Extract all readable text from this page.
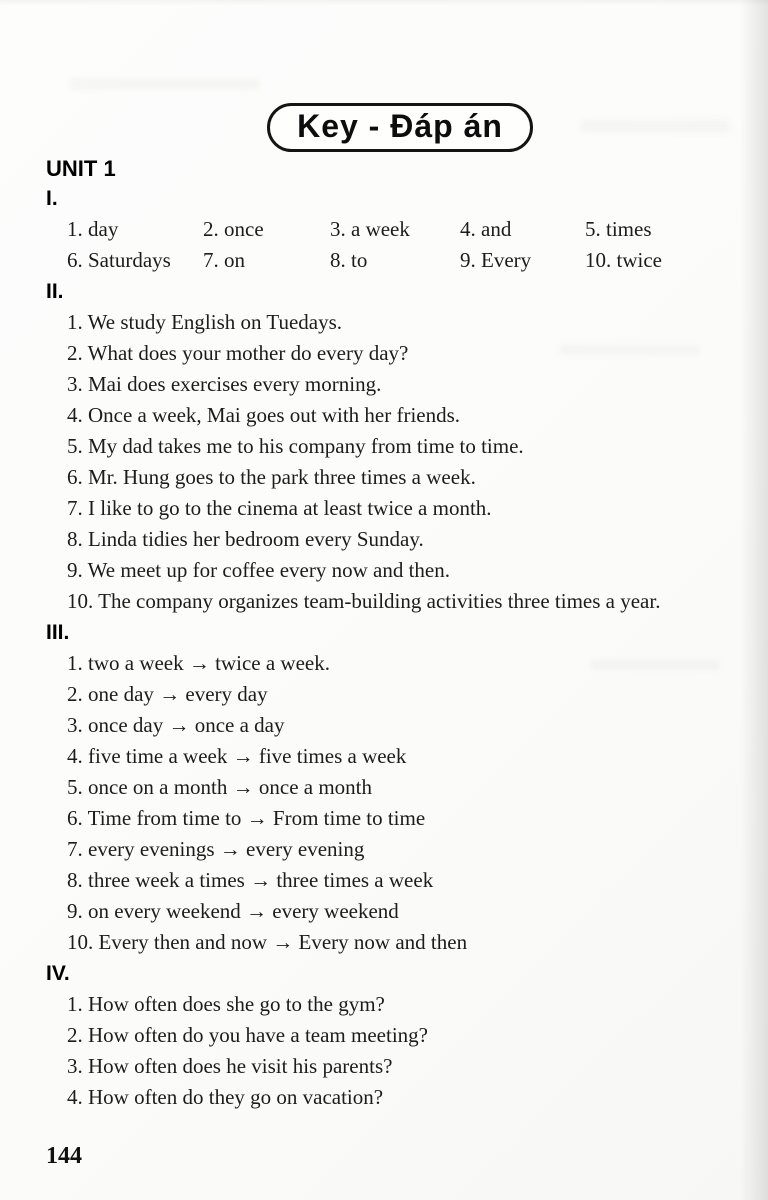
Key - Đáp án
UNIT 1
I.
1. day	2. once	3. a week	4. and	5. times
6. Saturdays	7. on	8. to	9. Every	10. twice
II.

1. We study English on Tuedays.

2. What does your mother do every day?

3. Mai does exercises every morning.

4. Once a week, Mai goes out with her friends.

5. My dad takes me to his company from time to time.

6. Mr. Hung goes to the park three times a week.

7. I like to go to the cinema at least twice a month.

8. Linda tidies her bedroom every Sunday.

9. We meet up for coffee every now and then.

10. The company organizes team-building activities three times a year.

III.

1. two a week → twice a week.

2. one day → every day

3. once day → once a day

4. five time a week → five times a week

5. once on a month → once a month

6. Time from time to → From time to time

7. every evenings → every evening

8. three week a times → three times a week

9. on every weekend → every weekend

10. Every then and now → Every now and then

IV.

1. How often does she go to the gym?

2. How often do you have a team meeting?

3. How often does he visit his parents?

4. How often do they go on vacation?

144
